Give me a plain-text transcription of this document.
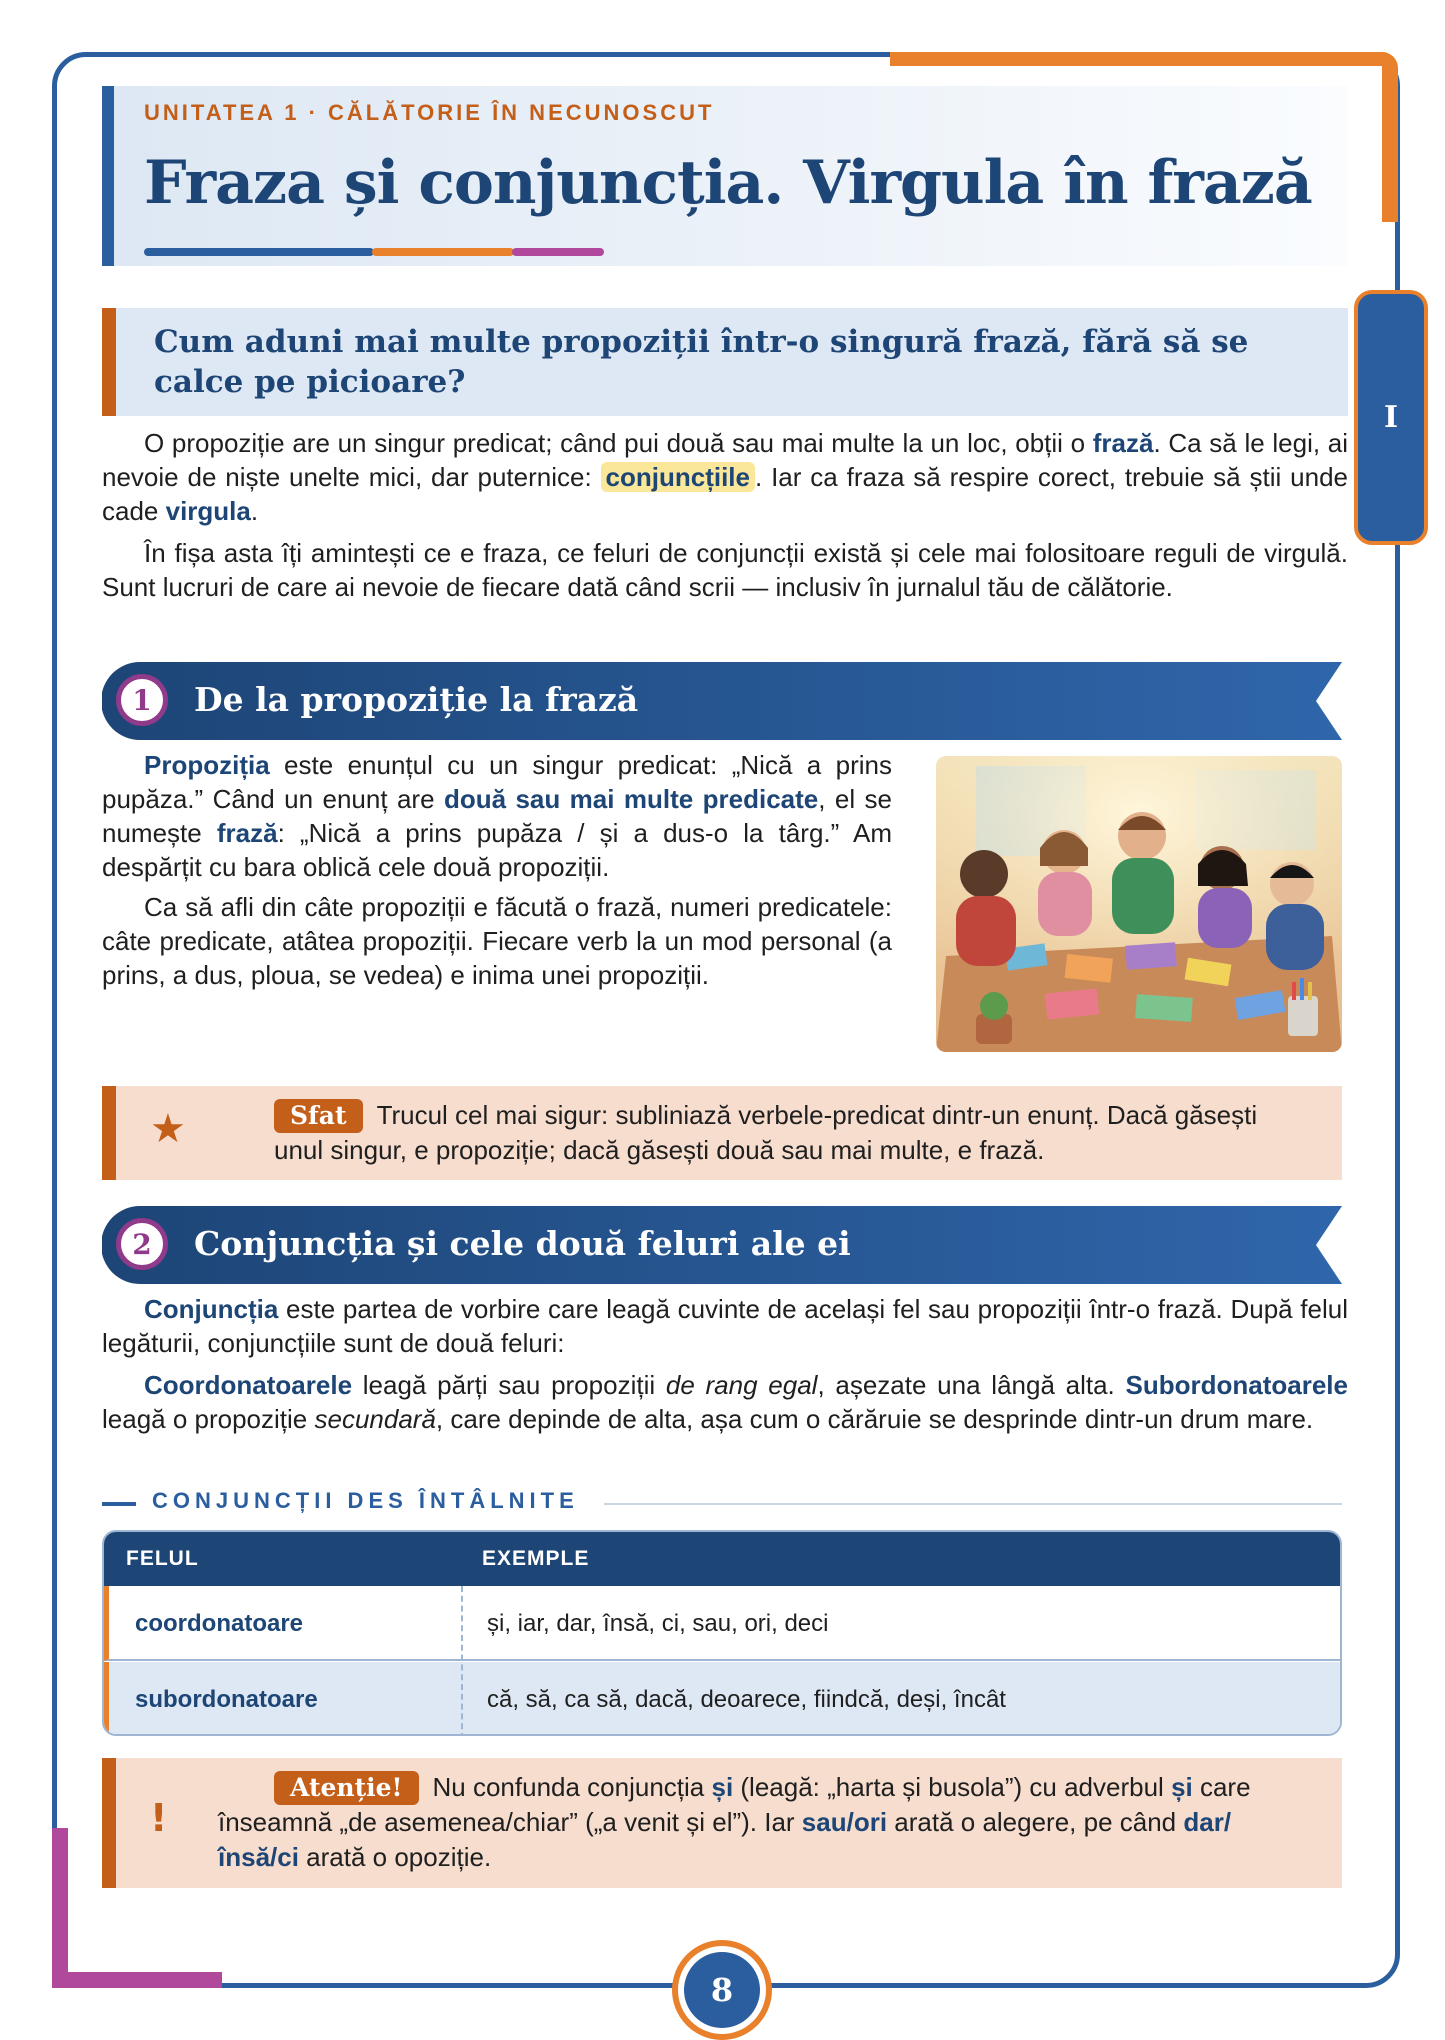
I
UNITATEA 1 · CĂLĂTORIE ÎN NECUNOSCUT
Fraza și conjuncția. Virgula în frază
Cum aduni mai multe propoziții într-o singură frază, fără să se calce pe picioare?

O propoziție are un singur predicat; când pui două sau mai multe la un loc, obții o frază. Ca să le legi, ai nevoie de niște unelte mici, dar puternice: conjuncțiile . Iar ca fraza să respire corect, trebuie să știi unde cade virgula.

În fișa asta îți amintești ce e fraza, ce feluri de conjuncții există și cele mai folositoare reguli de virgulă. Sunt lucruri de care ai nevoie de fiecare dată când scrii — inclusiv în jurnalul tău de călătorie.

1	De la propoziție la frază

Propoziția este enunțul cu un singur predicat: „Nică a prins pupăza.” Când un enunț are două sau mai multe predicate, el se numește frază: „Nică a prins pupăza / și a dus-o la târg.” Am despărțit cu bara oblică cele două propoziții.

Ca să afli din câte propoziții e făcută o frază, numeri predicatele: câte predicate, atâtea propoziții. Fiecare verb la un mod personal (a prins, a dus, ploua, se vedea) e inima unei propoziții.

★	Sfat Trucul cel mai sigur: subliniază verbele-predicat dintr-un enunț. Dacă găsești unul singur, e propoziție; dacă găsești două sau mai multe, e frază.
2	Conjuncția și cele două feluri ale ei

Conjuncția este partea de vorbire care leagă cuvinte de același fel sau propoziții într-o frază. După felul legăturii, conjuncțiile sunt de două feluri:

Coordonatoarele leagă părți sau propoziții de rang egal, așezate una lângă alta. Subordonatoarele leagă o propoziție secundară, care depinde de alta, așa cum o cărăruie se desprinde dintr-un drum mare.

CONJUNCȚII DES ÎNTÂLNITE
FELUL	EXEMPLE
coordonatoare	și, iar, dar, însă, ci, sau, ori, deci
subordonatoare	că, să, ca să, dacă, deoarece, fiindcă, deși, încât
!
Atenție! Nu confunda conjuncția și (leagă: „harta și busola”) cu adverbul și care înseamnă „de asemenea/chiar” („a venit și el”). Iar sau/ori arată o alegere, pe când dar/însă/ci arată o opoziție.
8
